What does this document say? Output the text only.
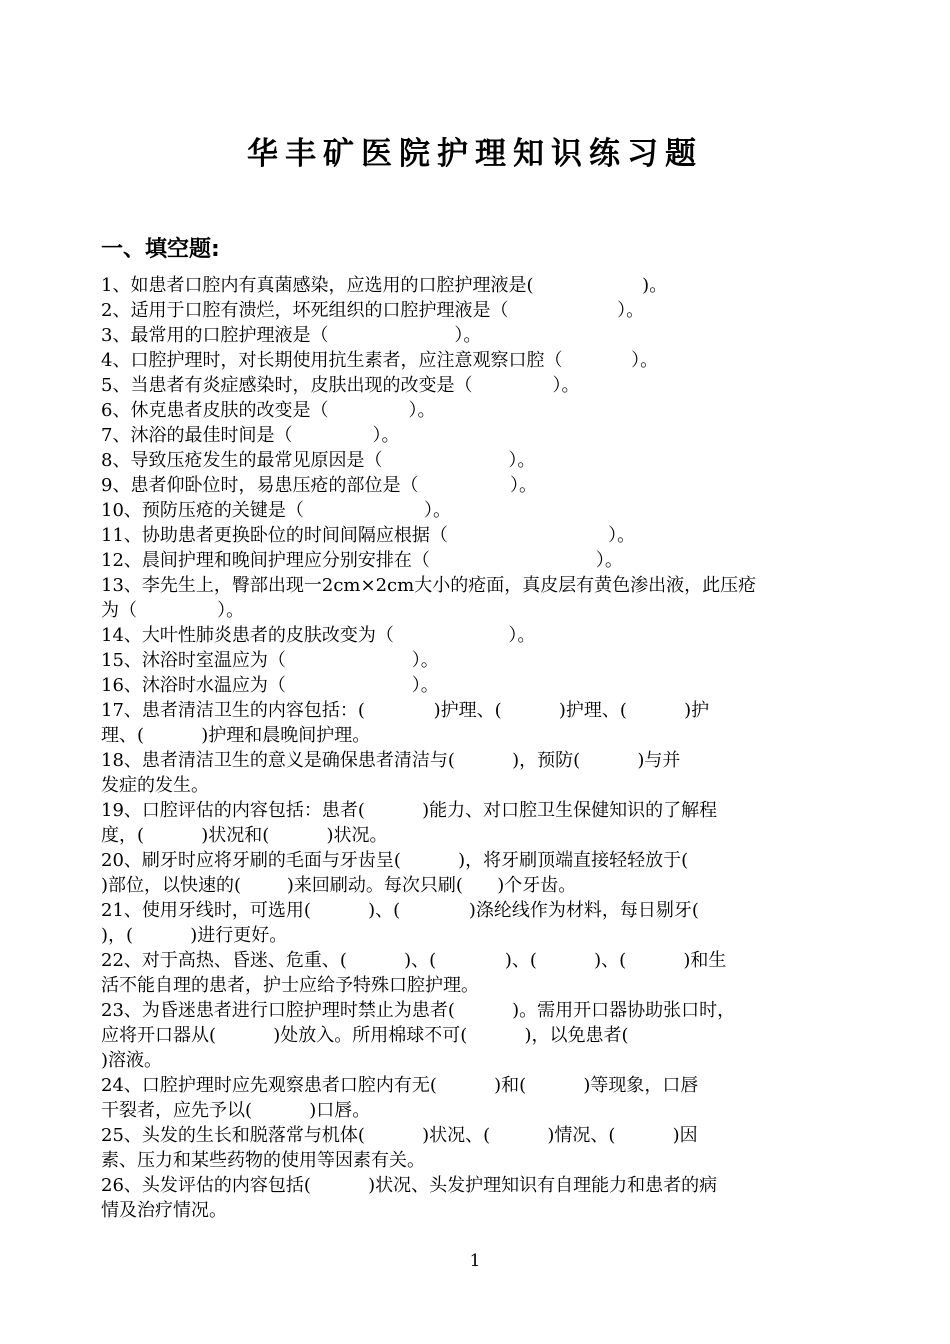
华丰矿医院护理知识练习题
一、填空题:
1、如患者口腔内有真菌感染，应选用的口腔护理液是(                   )。
2、适用于口腔有溃烂，坏死组织的口腔护理液是（                   ）。
3、最常用的口腔护理液是（                      ）。
4、口腔护理时，对长期使用抗生素者，应注意观察口腔（            ）。
5、当患者有炎症感染时，皮肤出现的改变是（              ）。
6、休克患者皮肤的改变是（              ）。
7、沐浴的最佳时间是（              ）。
8、导致压疮发生的最常见原因是（                      ）。
9、患者仰卧位时，易患压疮的部位是（                ）。
10、预防压疮的关键是（                     ）。
11、协助患者更换卧位的时间间隔应根据（                            ）。
12、晨间护理和晚间护理应分别安排在（                             ）。
13、李先生上，臀部出现一2cm×2cm大小的疮面，真皮层有黄色渗出液，此压疮
为（              ）。
14、大叶性肺炎患者的皮肤改变为（                    ）。
15、沐浴时室温应为（                      ）。
16、沐浴时水温应为（                      ）。
17、患者清洁卫生的内容包括：(            )护理、(          )护理、(          )护
理、(          )护理和晨晚间护理。
18、患者清洁卫生的意义是确保患者清洁与(          )，预防(          )与并
发症的发生。
19、口腔评估的内容包括：患者(          )能力、对口腔卫生保健知识的了解程
度，(          )状况和(          )状况。
20、刷牙时应将牙刷的毛面与牙齿呈(          )，将牙刷顶端直接轻轻放于(
)部位，以快速的(        )来回刷动。每次只刷(      )个牙齿。
21、使用牙线时，可选用(          )、(            )涤纶线作为材料，每日剔牙(
)，(          )进行更好。
22、对于高热、昏迷、危重、(          )、(            )、(          )、(          )和生
活不能自理的患者，护士应给予特殊口腔护理。
23、为昏迷患者进行口腔护理时禁止为患者(          )。需用开口器协助张口时，
应将开口器从(          )处放入。所用棉球不可(          )，以免患者(
)溶液。
24、口腔护理时应先观察患者口腔内有无(          )和(          )等现象，口唇
干裂者，应先予以(          )口唇。
25、头发的生长和脱落常与机体(          )状况、(          )情况、(          )因
素、压力和某些药物的使用等因素有关。
26、头发评估的内容包括(          )状况、头发护理知识有自理能力和患者的病
情及治疗情况。
1
